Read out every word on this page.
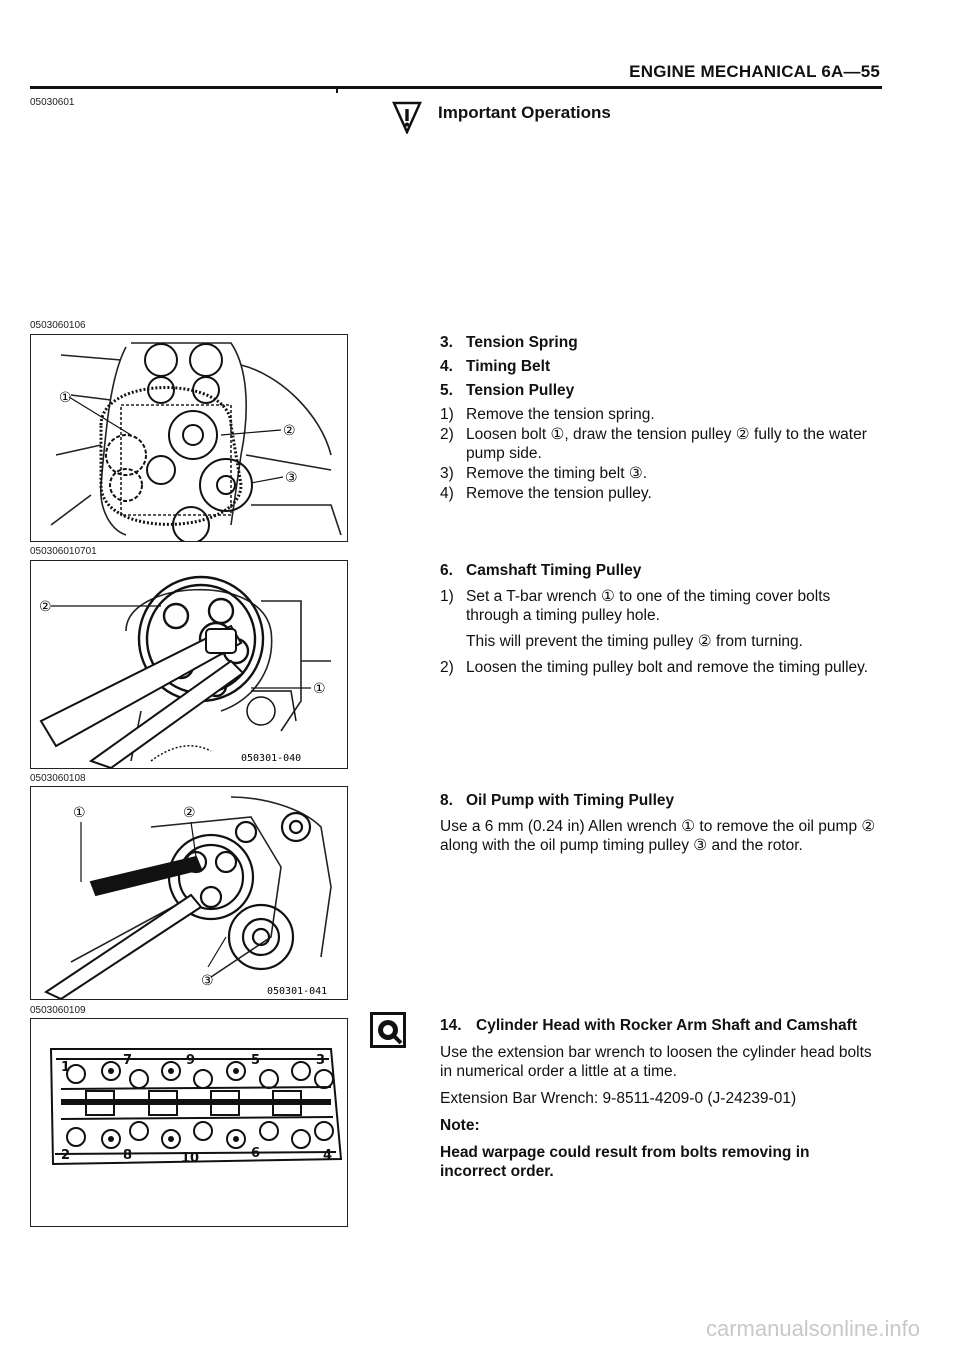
ENGINE MECHANICAL 6A—55
05030601
Important Operations
0503060106
①
②
③
050306010701
②
①
050301-040
0503060108
①	②
③
050301-041
0503060109
1	7	9	5	3
2	8	10	6	4

3. Tension Spring

4. Timing Belt

5. Tension Pulley

1) Remove the tension spring.
2) Loosen bolt ①, draw the tension pulley ② fully to the water pump side.
3) Remove the timing belt ③.
4) Remove the tension pulley.

6. Camshaft Timing Pulley

1) Set a T-bar wrench ① to one of the timing cover bolts through a timing pulley hole.
This will prevent the timing pulley ② from turning.
2) Loosen the timing pulley bolt and remove the timing pulley.

8. Oil Pump with Timing Pulley

Use a 6 mm (0.24 in) Allen wrench ① to remove the oil pump ② along with the oil pump timing pulley ③ and the rotor.

14. Cylinder Head with Rocker Arm Shaft and Camshaft

Use the extension bar wrench to loosen the cylinder head bolts in numerical order a little at a time.

Extension Bar Wrench: 9-8511-4209-0 (J-24239-01)

Note:

Head warpage could result from bolts removing in incorrect order.

carmanualsonline.info
